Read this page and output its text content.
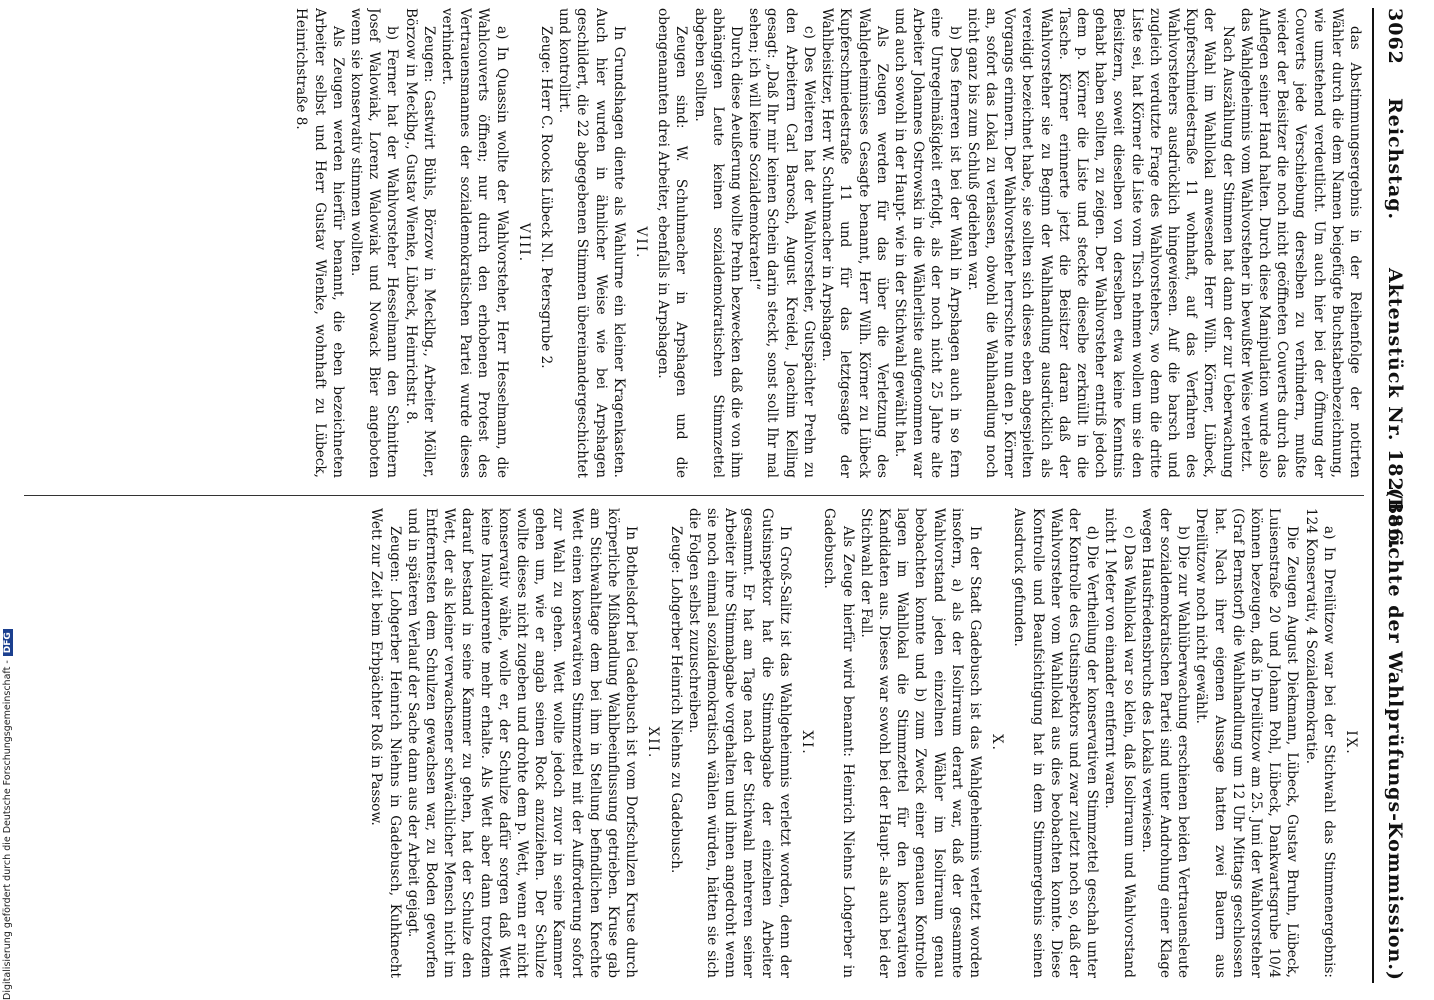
3062
Reichstag.
Aktenstück Nr. 182/186.
(Berichte der Wahlprüfungs-Kommission.)

das Abstimmungsergebnis in der Reihenfolge der notirten Wähler durch die dem Namen beigefügte Buchstabenbezeichnung, wie umstehend verdeutlicht. Um auch hier bei der Öffnung der Couverts jede Verschiebung derselben zu verhindern, mußte wieder der Beisitzer die noch nicht geöffneten Couverts durch das Auflegen seiner Hand halten. Durch diese Manipulation wurde also das Wahlgeheimnis vom Wahlvorsteher in bewußter Weise verletzt.

Nach Auszählung der Stimmen hat dann der zur Ueberwachung der Wahl im Wahllokal anwesende Herr Wilh. Körner, Lübeck, Kupferschmiedestraße 11 wohnhaft, auf das Verfahren des Wahlvorstehers ausdrücklich hingewiesen. Auf die barsch und zugleich verdutzte Frage des Wahlvorstehers, wo denn die dritte Liste sei, hat Körner die Liste vom Tisch nehmen wollen um sie den Beisitzern, soweit dieselben von derselben etwa keine Kenntnis gehabt haben sollten, zu zeigen. Der Wahlvorsteher entriß jedoch dem p. Körner die Liste und steckte dieselbe zerknüllt in die Tasche. Körner erinnerte jetzt die Beisitzer daran daß der Wahlvorsteher sie zu Beginn der Wahlhandlung ausdrücklich als vereidigt bezeichnet habe, sie sollten sich dieses eben abgespielten Vorgangs erinnern. Der Wahlvorsteher herrschte nun den p. Körner an, sofort das Lokal zu verlassen, obwohl die Wahlhandlung noch nicht ganz bis zum Schluß gediehen war.

b) Des ferneren ist bei der Wahl in Arpshagen auch in so fern eine Unregelmäßigkeit erfolgt, als der noch nicht 25 Jahre alte Arbeiter Johannes Ostrowski in die Wählerliste aufgenommen war und auch sowohl in der Haupt- wie in der Stichwahl gewählt hat.

Als Zeugen werden für das über die Verletzung des Wahlgeheimnisses Gesagte benannt, Herr Wilh. Körner zu Lübeck Kupferschmiedestraße 11 und für das letztgesagte der Wahlbeisitzer, Herr W. Schuhmacher in Arpshagen.

c) Des Weiteren hat der Wahlvorsteher, Gutspächter Prehn zu den Arbeitern Carl Barosch, August Kreidel, Joachim Kelling gesagt: „Daß Ihr mir keinen Schein darin steckt, sonst sollt Ihr mal sehen; ich will keine Sozialdemokraten!“

Durch diese Aeußerung wollte Prehn bezwecken daß die von ihm abhängigen Leute keinen sozialdemokratischen Stimmzettel abgeben sollten.

Zeugen sind: W. Schuhmacher in Arpshagen und die obengenannten drei Arbeiter, ebenfalls in Arpshagen.

VII.

In Grundshagen diente als Wahlurne ein kleiner Kragenkasten. Auch hier wurden in ähnlicher Weise wie bei Arpshagen geschildert, die 22 abgegebenen Stimmen übereinandergeschichtet und kontrollirt.

Zeuge: Herr C. Roocks Lübeck Nl. Petersgrube 2.

VIII.

a) In Quassin wollte der Wahlvorsteher, Herr Hesselmann, die Wahlcouverts öffnen; nur durch den erhobenen Protest des Vertrauensmannes der sozialdemokratischen Partei wurde dieses verhindert.

Zeugen: Gastwirt Bühls, Börzow in Mecklbg., Arbeiter Möller, Börzow in Mecklbg., Gustav Wienke, Lübeck, Heinrichstr. 8.

b) Ferner hat der Wahlvorsteher Hesselmann den Schnittern Josef Walowiak, Lorenz Walowiak und Nowack Bier angeboten wenn sie konservativ stimmen wollten.

Als Zeugen werden hierfür benannt, die eben bezeichneten Arbeiter selbst und Herr Gustav Wienke, wohnhaft zu Lübeck, Heinrichstraße 8.

IX.

a) In Dreilützow war bei der Stichwahl das Stimmenergebnis: 124 Konservativ, 4 Sozialdemokratie.

Die Zeugen August Diekmann, Lübeck, Gustav Bruhn, Lübeck, Luisenstraße 20 und Johann Pohl, Lübeck, Dankwartsgrube 10/4 können bezeugen, daß in Dreilützow am 25. Juni der Wahlvorsteher (Graf Bernstorf) die Wahlhandlung um 12 Uhr Mittags geschlossen hat. Nach ihrer eigenen Aussage hatten zwei Bauern aus Dreilützow noch nicht gewählt.

b) Die zur Wahlüberwachung erschienen beiden Vertrauensleute der sozialdemokratischen Partei sind unter Androhung einer Klage wegen Hausfriedensbruchs des Lokals verwiesen.

c) Das Wahllokal war so klein, daß Isolirraum und Wahlvorstand nicht 1 Meter von einander entfernt waren.

d) Die Vertheilung der konservativen Stimmzettel geschah unter der Kontrolle des Gutsinspektors und zwar zuletzt noch so, daß der Wahlvorsteher vom Wahllokal aus dies beobachten konnte. Diese Kontrolle und Beaufsichtigung hat in dem Stimmergebnis seinen Ausdruck gefunden.

X.

In der Stadt Gadebusch ist das Wahlgeheimnis verletzt worden insofern, a) als der Isolirraum derart war, daß der gesammte Wahlvorstand jeden einzelnen Wähler im Isolirraum genau beobachten konnte und b) zum Zweck einer genauen Kontrolle lagen im Wahllokal die Stimmzettel für den konservativen Kandidaten aus. Dieses war sowohl bei der Haupt- als auch bei der Stichwahl der Fall.

Als Zeuge hierfür wird benannt: Heinrich Niehns Lohgerber in Gadebusch.

XI.

In Groß-Salitz ist das Wahlgeheimnis verletzt worden, denn der Gutsinspektor hat die Stimmabgabe der einzelnen Arbeiter gesammt. Er hat am Tage nach der Stichwahl mehreren seiner Arbeiter ihre Stimmabgabe vorgehalten und ihnen angedroht wenn sie noch einmal sozialdemokratisch wählen würden, hätten sie sich die Folgen selbst zuzuschreiben.

Zeuge: Lohgerber Heinrich Niehns zu Gadebusch.

XII.

In Bothelsdorf bei Gadebusch ist vom Dorfschulzen Kruse durch körperliche Mißhandlung Wahlbeeinflussung getrieben. Kruse gab am Stichwahltage dem bei ihm in Stellung befindlichen Knechte Wett einen konservativen Stimmzettel mit der Aufforderung sofort zur Wahl zu gehen. Wett wollte jedoch zuvor in seine Kammer gehen um, wie er angab seinen Rock anzuziehen. Der Schulze wollte dieses nicht zugeben und drohte dem p. Wett, wenn er nicht konservativ wähle, wolle er, der Schulze dafür sorgen daß Wett keine Invalidenrente mehr erhalte. Als Wett aber dann trotzdem darauf bestand in seine Kammer zu gehen, hat der Schulze den Wett, der als kleiner verwachsener schwächlicher Mensch nicht im Entferntesten dem Schulzen gewachsen war, zu Boden geworfen und in späteren Verlauf der Sache dann aus der Arbeit gejagt.

Zeugen: Lohgerber Heinrich Niehns in Gadebusch, Kuhknecht Wett zur Zeit beim Erbpächter Roß in Passow.

Digitalisierung gefördert durch die Deutsche Forschungsgemeinschaft -DFG
